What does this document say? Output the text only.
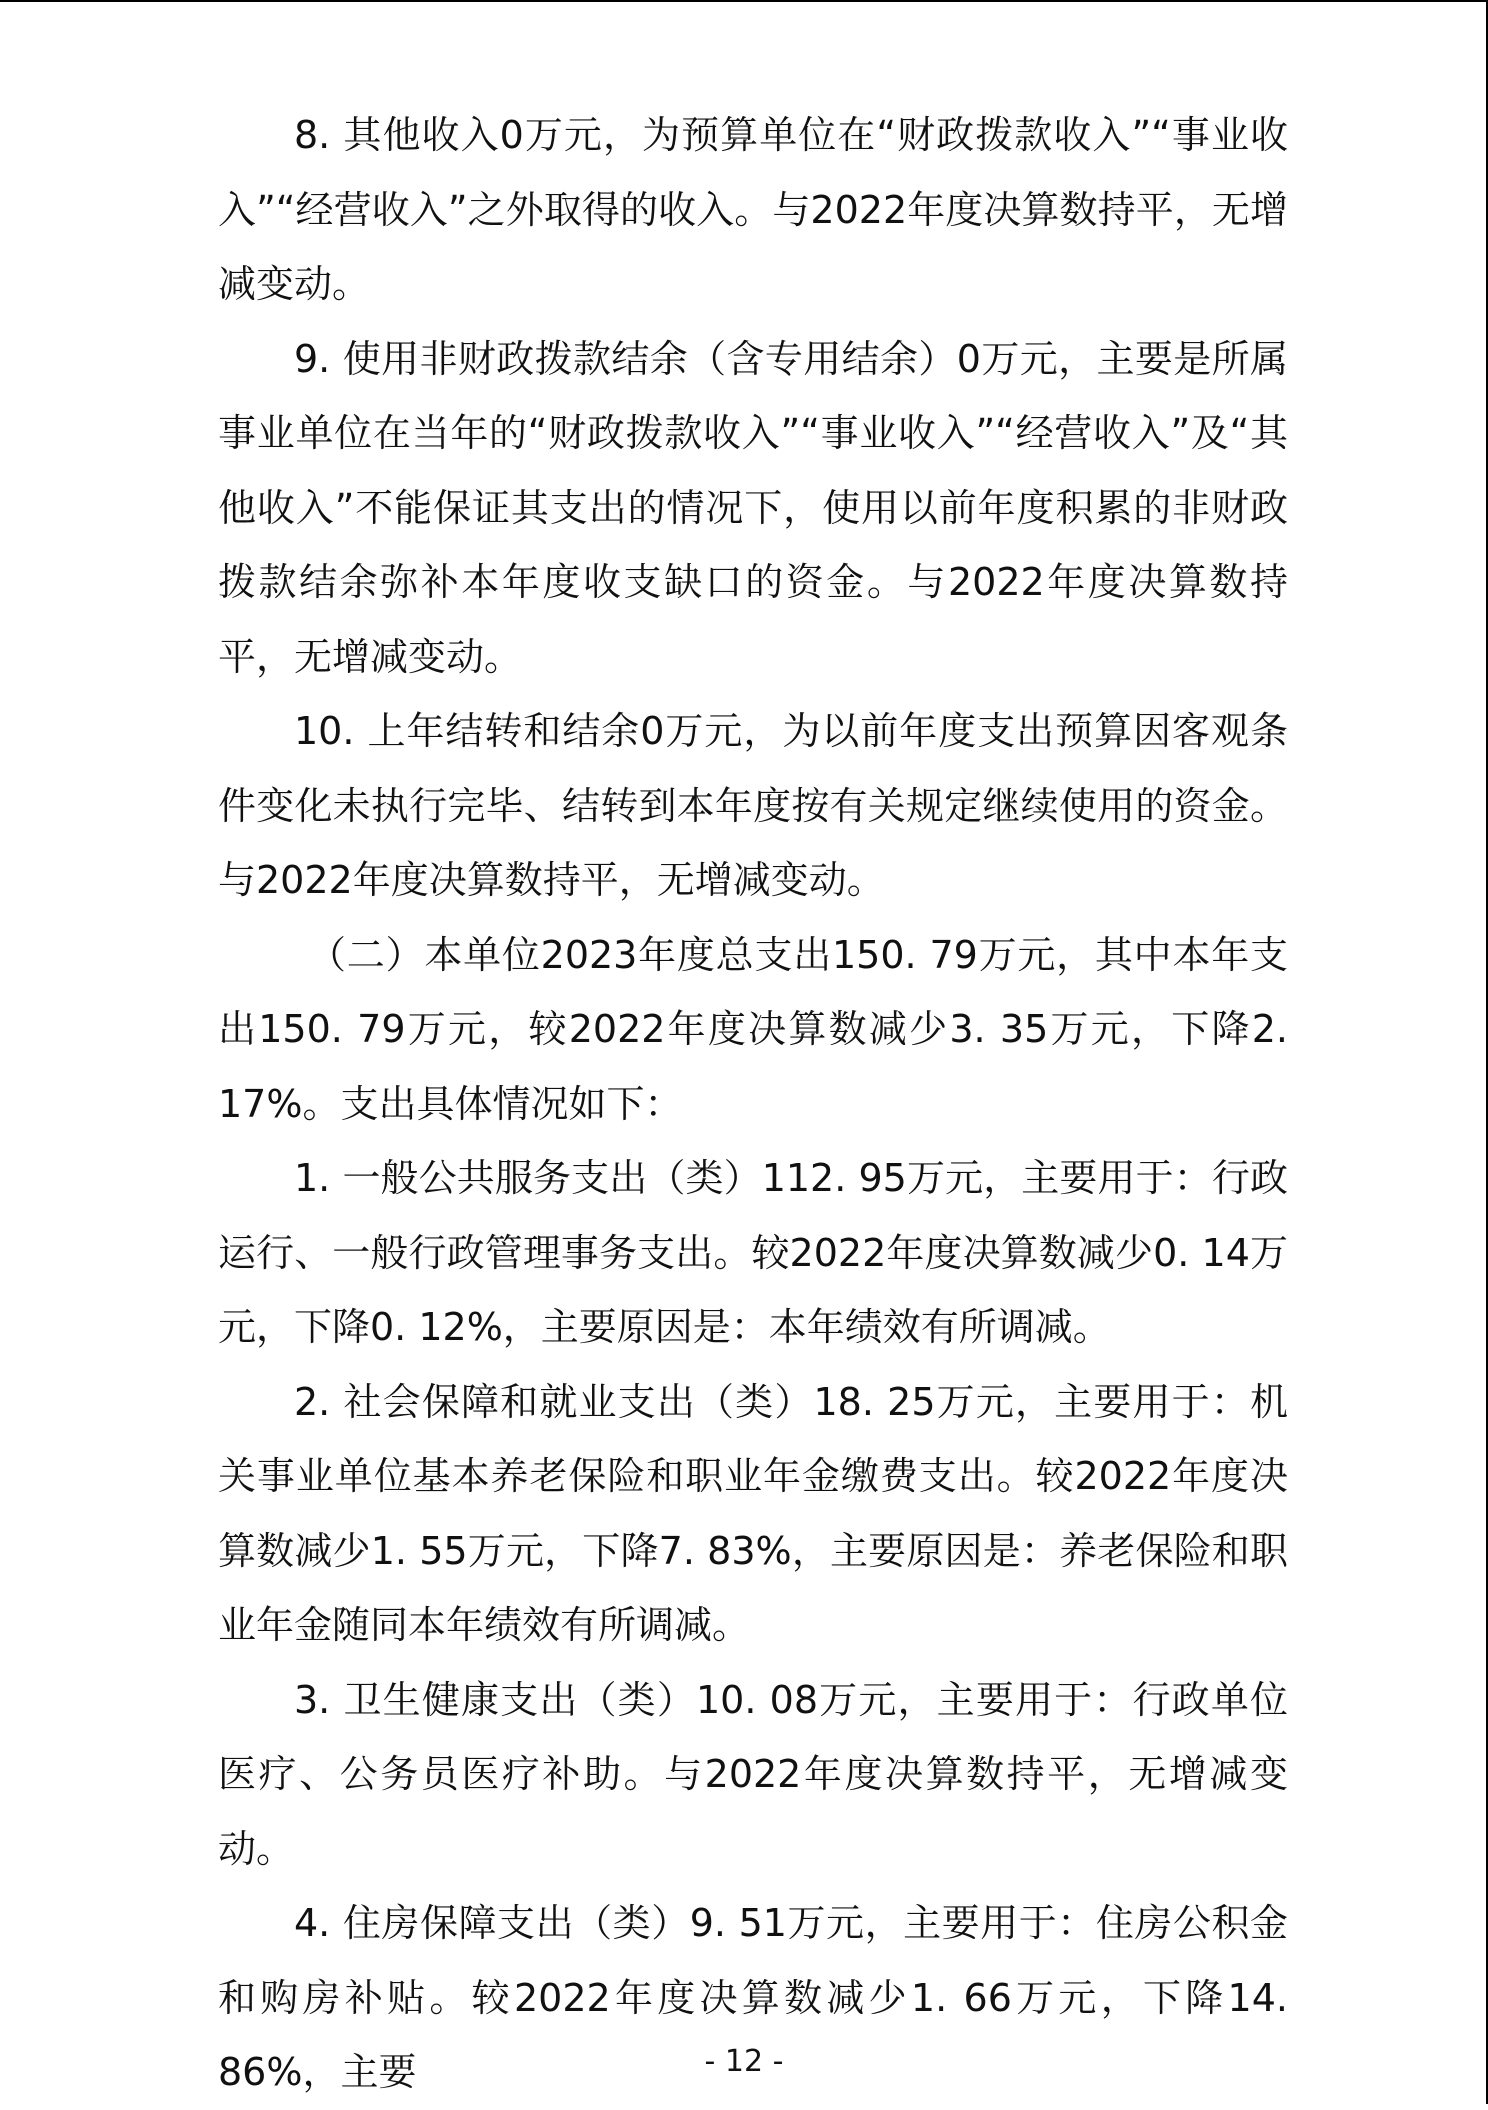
8. 其他收入0万元，为预算单位在“财政拨款收入”“事业收入”“经营收入”之外取得的收入。与2022年度决算数持平，无增减变动。

9. 使用非财政拨款结余（含专用结余）0万元，主要是所属事业单位在当年的“财政拨款收入”“事业收入”“经营收入”及“其他收入”不能保证其支出的情况下，使用以前年度积累的非财政拨款结余弥补本年度收支缺口的资金。与2022年度决算数持平，无增减变动。

10. 上年结转和结余0万元，为以前年度支出预算因客观条件变化未执行完毕、结转到本年度按有关规定继续使用的资金。与2022年度决算数持平，无增减变动。

（二）本单位2023年度总支出150. 79万元，其中本年支出150. 79万元，较2022年度决算数减少3. 35万元，下降2. 17%。支出具体情况如下：

1. 一般公共服务支出（类）112. 95万元，主要用于：行政运行、一般行政管理事务支出。较2022年度决算数减少0. 14万元，下降0. 12%，主要原因是：本年绩效有所调减。

2. 社会保障和就业支出（类）18. 25万元，主要用于：机关事业单位基本养老保险和职业年金缴费支出。较2022年度决算数减少1. 55万元，下降7. 83%，主要原因是：养老保险和职业年金随同本年绩效有所调减。

3. 卫生健康支出（类）10. 08万元，主要用于：行政单位医疗、公务员医疗补助。与2022年度决算数持平，无增减变动。

4. 住房保障支出（类）9. 51万元，主要用于：住房公积金和购房补贴。较2022年度决算数减少1. 66万元，下降14. 86%，主要	- 12 -
